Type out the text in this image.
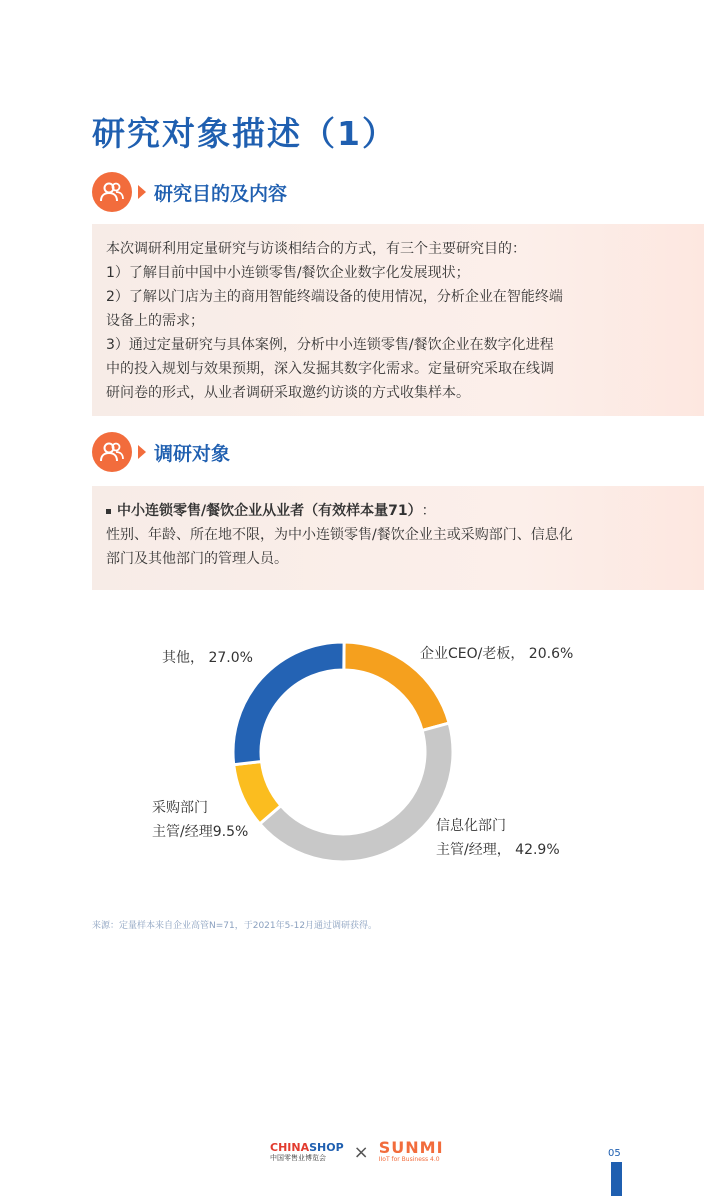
研究对象描述（1）
研究目的及内容

本次调研利用定量研究与访谈相结合的方式，有三个主要研究目的：

1）了解目前中国中小连锁零售/餐饮企业数字化发展现状；

2）了解以门店为主的商用智能终端设备的使用情况，分析企业在智能终端

设备上的需求；

3）通过定量研究与具体案例，分析中小连锁零售/餐饮企业在数字化进程

中的投入规划与效果预期，深入发掘其数字化需求。定量研究采取在线调

研问卷的形式，从业者调研采取邀约访谈的方式收集样本。

调研对象

中小连锁零售/餐饮企业从业者（有效样本量71） ：

性别、年龄、所在地不限，为中小连锁零售/餐饮企业主或采购部门、信息化

部门及其他部门的管理人员。

企业CEO/老板， 20.6%
信息化部门
主管/经理， 42.9%
采购部门
主管/经理9.5%
其他， 27.0%
来源：定量样本来自企业高管N=71，于2021年5-12月通过调研获得。
CHINASHOP
中国零售业博览会 × SUNMI
IIoT for Business 4.0
05
